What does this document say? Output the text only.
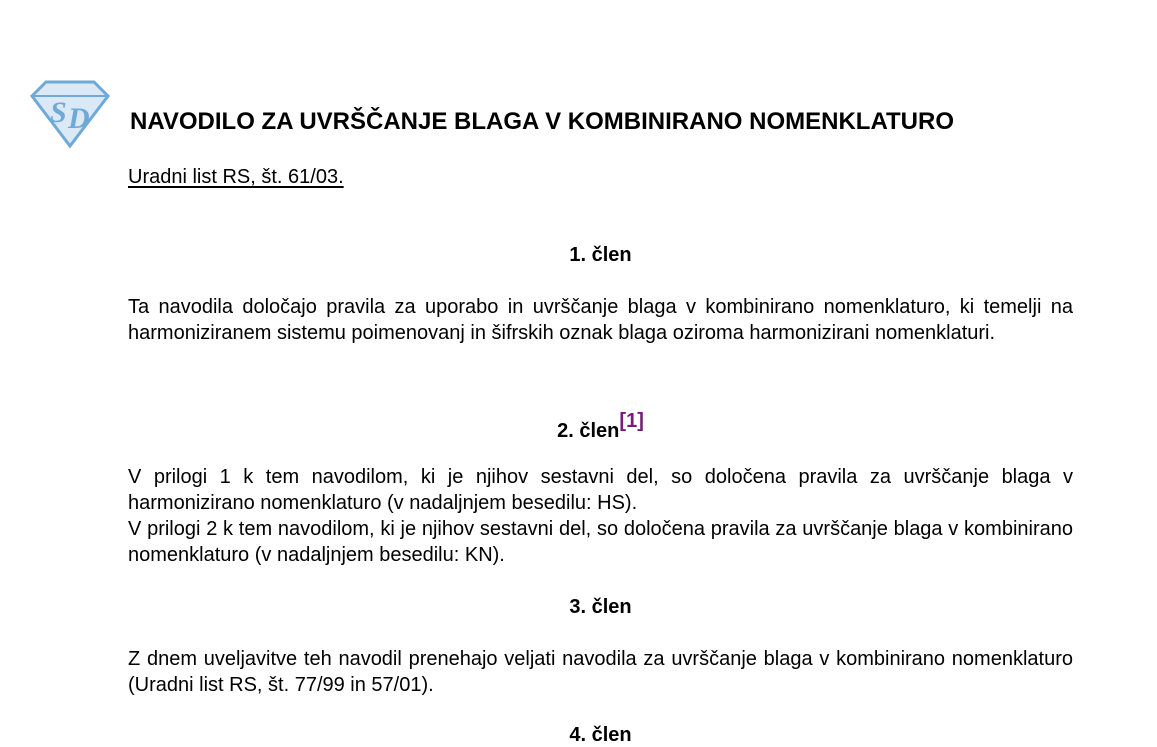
S D NAVODILO ZA UVRŠČANJE BLAGA V KOMBINIRANO NOMENKLATURO
Uradni list RS, št. 61/03.
1. člen

Ta navodila določajo pravila za uporabo in uvrščanje blaga v kombinirano nomenklaturo, ki temelji na harmoniziranem sistemu poimenovanj in šifrskih oznak blaga oziroma harmonizirani nomenklaturi.

2. člen[1]

V prilogi 1 k tem navodilom, ki je njihov sestavni del, so določena pravila za uvrščanje blaga v harmonizirano nomenklaturo (v nadaljnjem besedilu: HS).

V prilogi 2 k tem navodilom, ki je njihov sestavni del, so določena pravila za uvrščanje blaga v kombinirano nomenklaturo (v nadaljnjem besedilu: KN).

3. člen

Z dnem uveljavitve teh navodil prenehajo veljati navodila za uvrščanje blaga v kombinirano nomenklaturo (Uradni list RS, št. 77/99 in 57/01).

4. člen
